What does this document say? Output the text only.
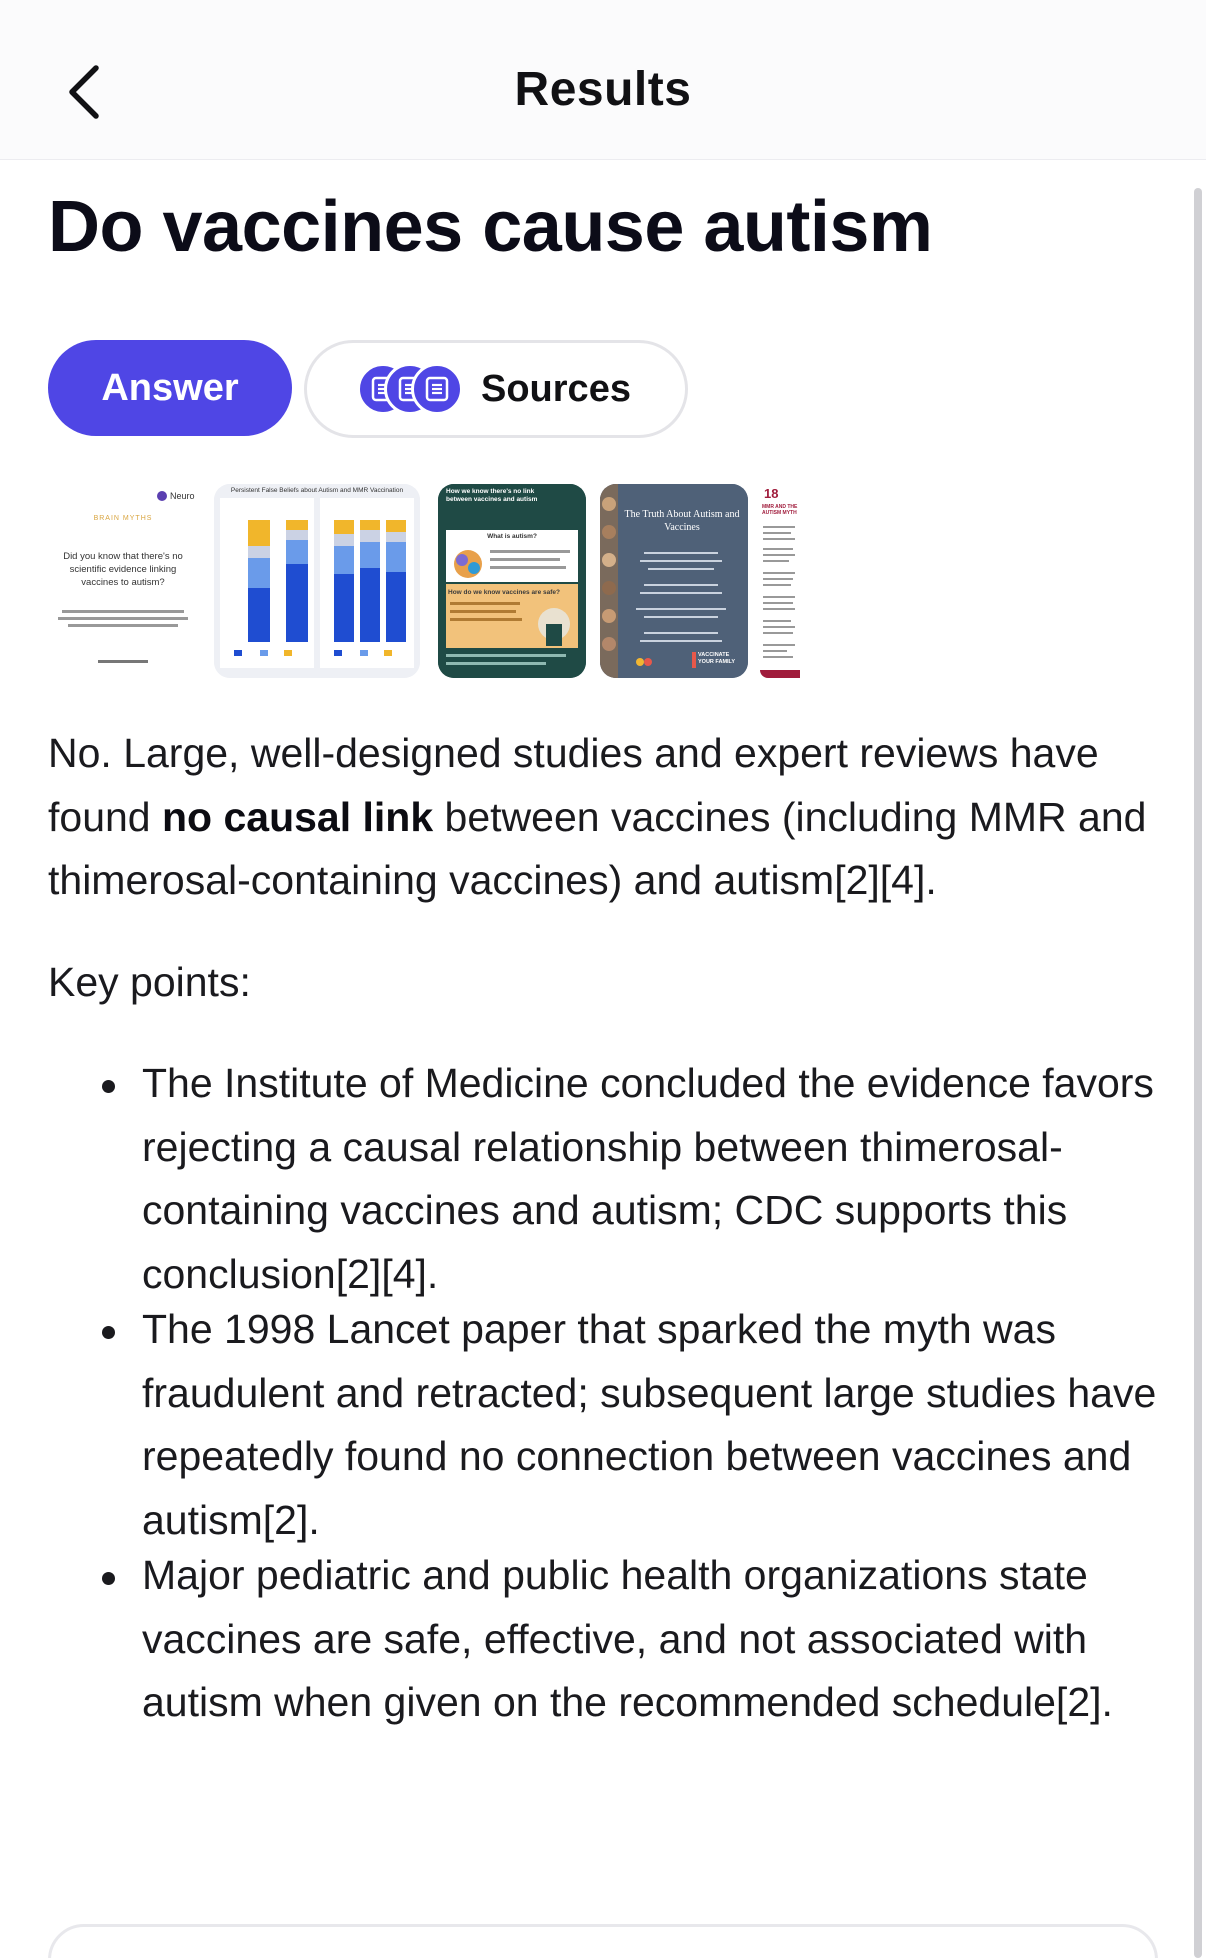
Results
Do vaccines cause autism
Answer	Sources
Neuro
BRAIN MYTHS
Did you know that there's no scientific evidence linking vaccines to autism?
Persistent False Beliefs about Autism and MMR Vaccination	How we know there's no link between vaccines and autism
What is autism?
How do we know vaccines are safe?
The Truth About Autism and Vaccines
VACCINATE YOUR FAMILY
18
MMR AND THE AUTISM MYTH

No. Large, well-designed studies and expert reviews have found no causal link between vaccines (including MMR and thimerosal-containing vaccines) and autism[2][4].

Key points:

The Institute of Medicine concluded the evidence favors rejecting a causal relationship between thimerosal-containing vaccines and autism; CDC supports this conclusion[2][4].
The 1998 Lancet paper that sparked the myth was fraudulent and retracted; subsequent large studies have repeatedly found no connection between vaccines and autism[2].
Major pediatric and public health organizations state vaccines are safe, effective, and not associated with autism when given on the recommended schedule[2].
